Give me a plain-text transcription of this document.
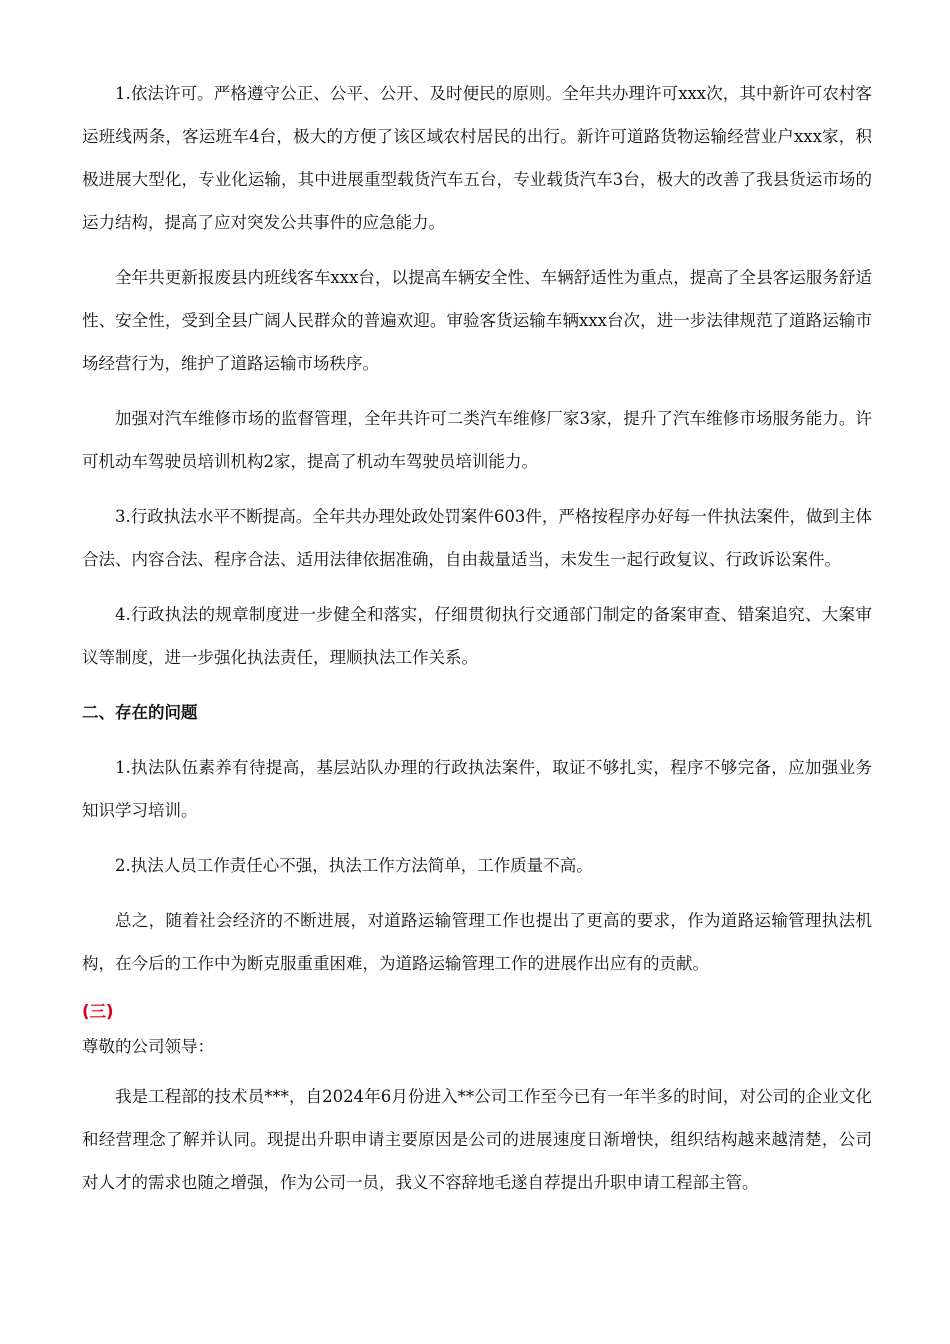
1.依法许可。严格遵守公正、公平、公开、及时便民的原则。全年共办理许可xxx次，其中新许可农村客运班线两条，客运班车4台，极大的方便了该区域农村居民的出行。新许可道路货物运输经营业户xxx家，积极进展大型化，专业化运输，其中进展重型载货汽车五台，专业载货汽车3台，极大的改善了我县货运市场的运力结构，提高了应对突发公共事件的应急能力。

全年共更新报废县内班线客车xxx台，以提高车辆安全性、车辆舒适性为重点，提高了全县客运服务舒适性、安全性，受到全县广阔人民群众的普遍欢迎。审验客货运输车辆xxx台次，进一步法律规范了道路运输市场经营行为，维护了道路运输市场秩序。

加强对汽车维修市场的监督管理，全年共许可二类汽车维修厂家3家，提升了汽车维修市场服务能力。许可机动车驾驶员培训机构2家，提高了机动车驾驶员培训能力。

3.行政执法水平不断提高。全年共办理处政处罚案件603件，严格按程序办好每一件执法案件，做到主体合法、内容合法、程序合法、适用法律依据准确，自由裁量适当，未发生一起行政复议、行政诉讼案件。

4.行政执法的规章制度进一步健全和落实，仔细贯彻执行交通部门制定的备案审查、错案追究、大案审议等制度，进一步强化执法责任，理顺执法工作关系。

二、存在的问题

1.执法队伍素养有待提高，基层站队办理的行政执法案件，取证不够扎实，程序不够完备，应加强业务知识学习培训。

2.执法人员工作责任心不强，执法工作方法简单，工作质量不高。

总之，随着社会经济的不断进展，对道路运输管理工作也提出了更高的要求，作为道路运输管理执法机构，在今后的工作中为断克服重重困难，为道路运输管理工作的进展作出应有的贡献。

(三)

尊敬的公司领导：

我是工程部的技术员***，自2024年6月份进入**公司工作至今已有一年半多的时间，对公司的企业文化和经营理念了解并认同。现提出升职申请主要原因是公司的进展速度日渐增快，组织结构越来越清楚，公司对人才的需求也随之增强，作为公司一员，我义不容辞地毛遂自荐提出升职申请工程部主管。
